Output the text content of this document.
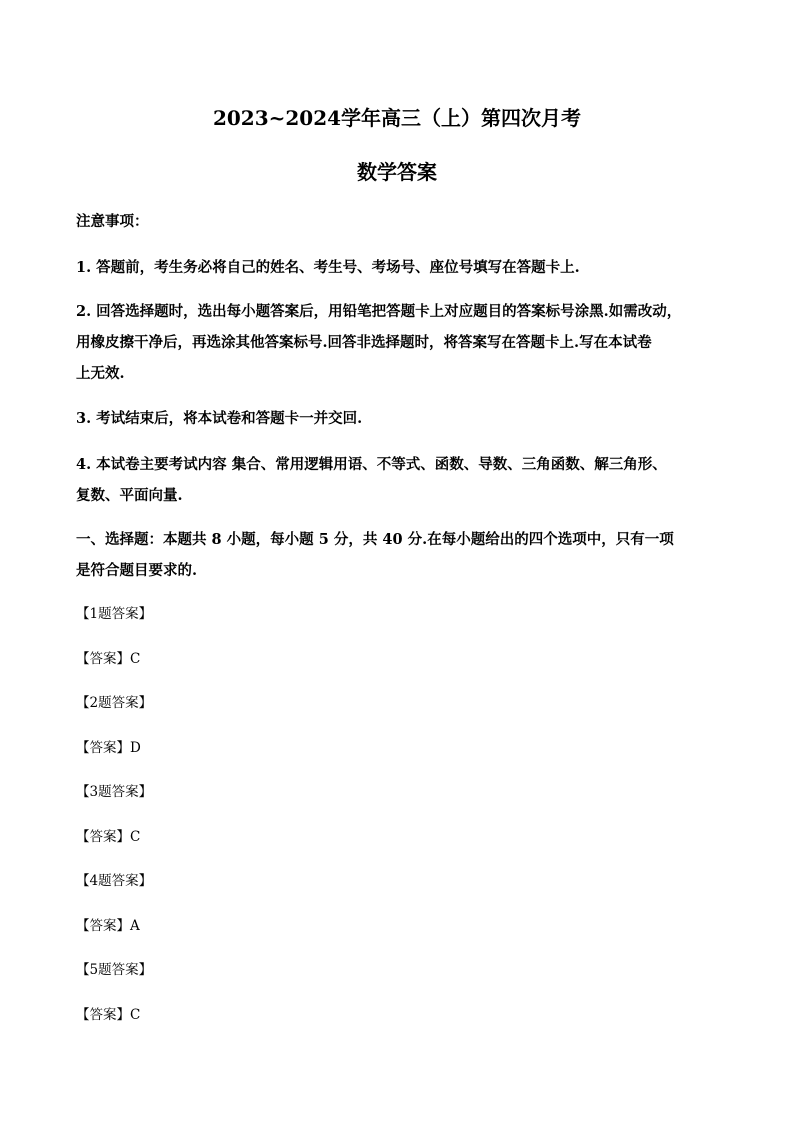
2023~2024学年高三（上）第四次月考
数学答案
注意事项：
1. 答题前，考生务必将自己的姓名、考生号、考场号、座位号填写在答题卡上.
2. 回答选择题时，选出每小题答案后，用铅笔把答题卡上对应题目的答案标号涂黑.如需改动，
用橡皮擦干净后，再选涂其他答案标号.回答非选择题时，将答案写在答题卡上.写在本试卷
上无效.
3. 考试结束后，将本试卷和答题卡一并交回.
4. 本试卷主要考试内容 集合、常用逻辑用语、不等式、函数、导数、三角函数、解三角形、
复数、平面向量.
一、选择题：本题共 8 小题，每小题 5 分，共 40 分.在每小题给出的四个选项中，只有一项
是符合题目要求的.
【1题答案】
【答案】C
【2题答案】
【答案】D
【3题答案】
【答案】C
【4题答案】
【答案】A
【5题答案】
【答案】C
